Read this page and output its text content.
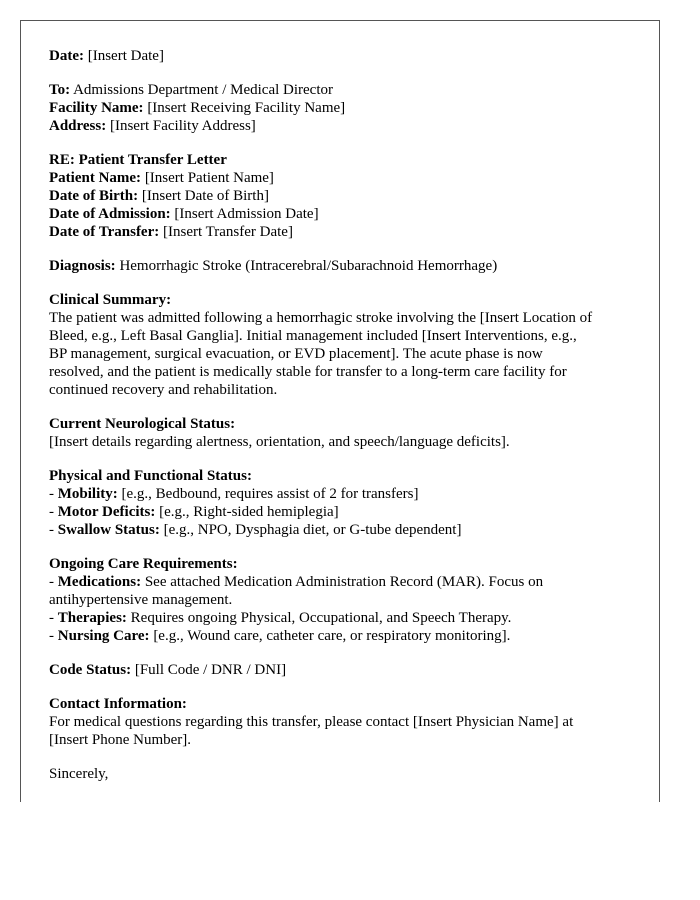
Date: [Insert Date]
To: Admissions Department / Medical Director
Facility Name: [Insert Receiving Facility Name]
Address: [Insert Facility Address]
RE: Patient Transfer Letter
Patient Name: [Insert Patient Name]
Date of Birth: [Insert Date of Birth]
Date of Admission: [Insert Admission Date]
Date of Transfer: [Insert Transfer Date]
Diagnosis: Hemorrhagic Stroke (Intracerebral/Subarachnoid Hemorrhage)
Clinical Summary:
The patient was admitted following a hemorrhagic stroke involving the [Insert Location of
Bleed, e.g., Left Basal Ganglia]. Initial management included [Insert Interventions, e.g.,
BP management, surgical evacuation, or EVD placement]. The acute phase is now
resolved, and the patient is medically stable for transfer to a long-term care facility for
continued recovery and rehabilitation.
Current Neurological Status:
[Insert details regarding alertness, orientation, and speech/language deficits].
Physical and Functional Status:
- Mobility: [e.g., Bedbound, requires assist of 2 for transfers]
- Motor Deficits: [e.g., Right-sided hemiplegia]
- Swallow Status: [e.g., NPO, Dysphagia diet, or G-tube dependent]
Ongoing Care Requirements:
- Medications: See attached Medication Administration Record (MAR). Focus on
antihypertensive management.
- Therapies: Requires ongoing Physical, Occupational, and Speech Therapy.
- Nursing Care: [e.g., Wound care, catheter care, or respiratory monitoring].
Code Status: [Full Code / DNR / DNI]
Contact Information:
For medical questions regarding this transfer, please contact [Insert Physician Name] at
[Insert Phone Number].
Sincerely,
